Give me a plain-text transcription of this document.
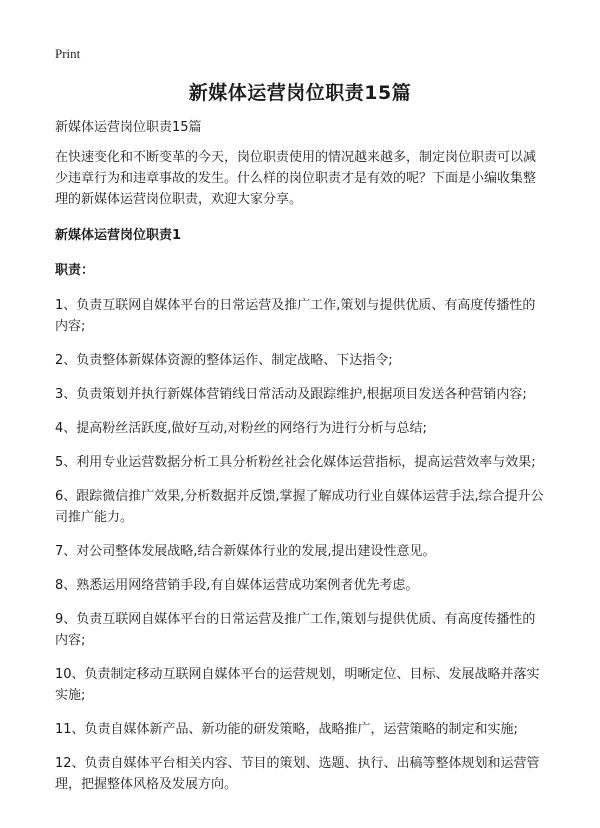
Print
新媒体运营岗位职责15篇

新媒体运营岗位职责15篇

在快速变化和不断变革的今天，岗位职责使用的情况越来越多，制定岗位职责可以减少违章行为和违章事故的发生。什么样的岗位职责才是有效的呢？下面是小编收集整理的新媒体运营岗位职责，欢迎大家分享。

新媒体运营岗位职责1

职责：

1、负责互联网自媒体平台的日常运营及推广工作,策划与提供优质、有高度传播性的内容;

2、负责整体新媒体资源的整体运作、制定战略、下达指令;

3、负责策划并执行新媒体营销线日常活动及跟踪维护,根据项目发送各种营销内容;

4、提高粉丝活跃度,做好互动,对粉丝的网络行为进行分析与总结;

5、利用专业运营数据分析工具分析粉丝社会化媒体运营指标，提高运营效率与效果;

6、跟踪微信推广效果,分析数据并反馈,掌握了解成功行业自媒体运营手法,综合提升公司推广能力。

7、对公司整体发展战略,结合新媒体行业的发展,提出建设性意见。

8、熟悉运用网络营销手段,有自媒体运营成功案例者优先考虑。

9、负责互联网自媒体平台的日常运营及推广工作,策划与提供优质、有高度传播性的内容;

10、负责制定移动互联网自媒体平台的运营规划，明晰定位、目标、发展战略并落实实施;

11、负责自媒体新产品、新功能的研发策略，战略推广，运营策略的制定和实施;

12、负责自媒体平台相关内容、节目的策划、选题、执行、出稿等整体规划和运营管理，把握整体风格及发展方向。
